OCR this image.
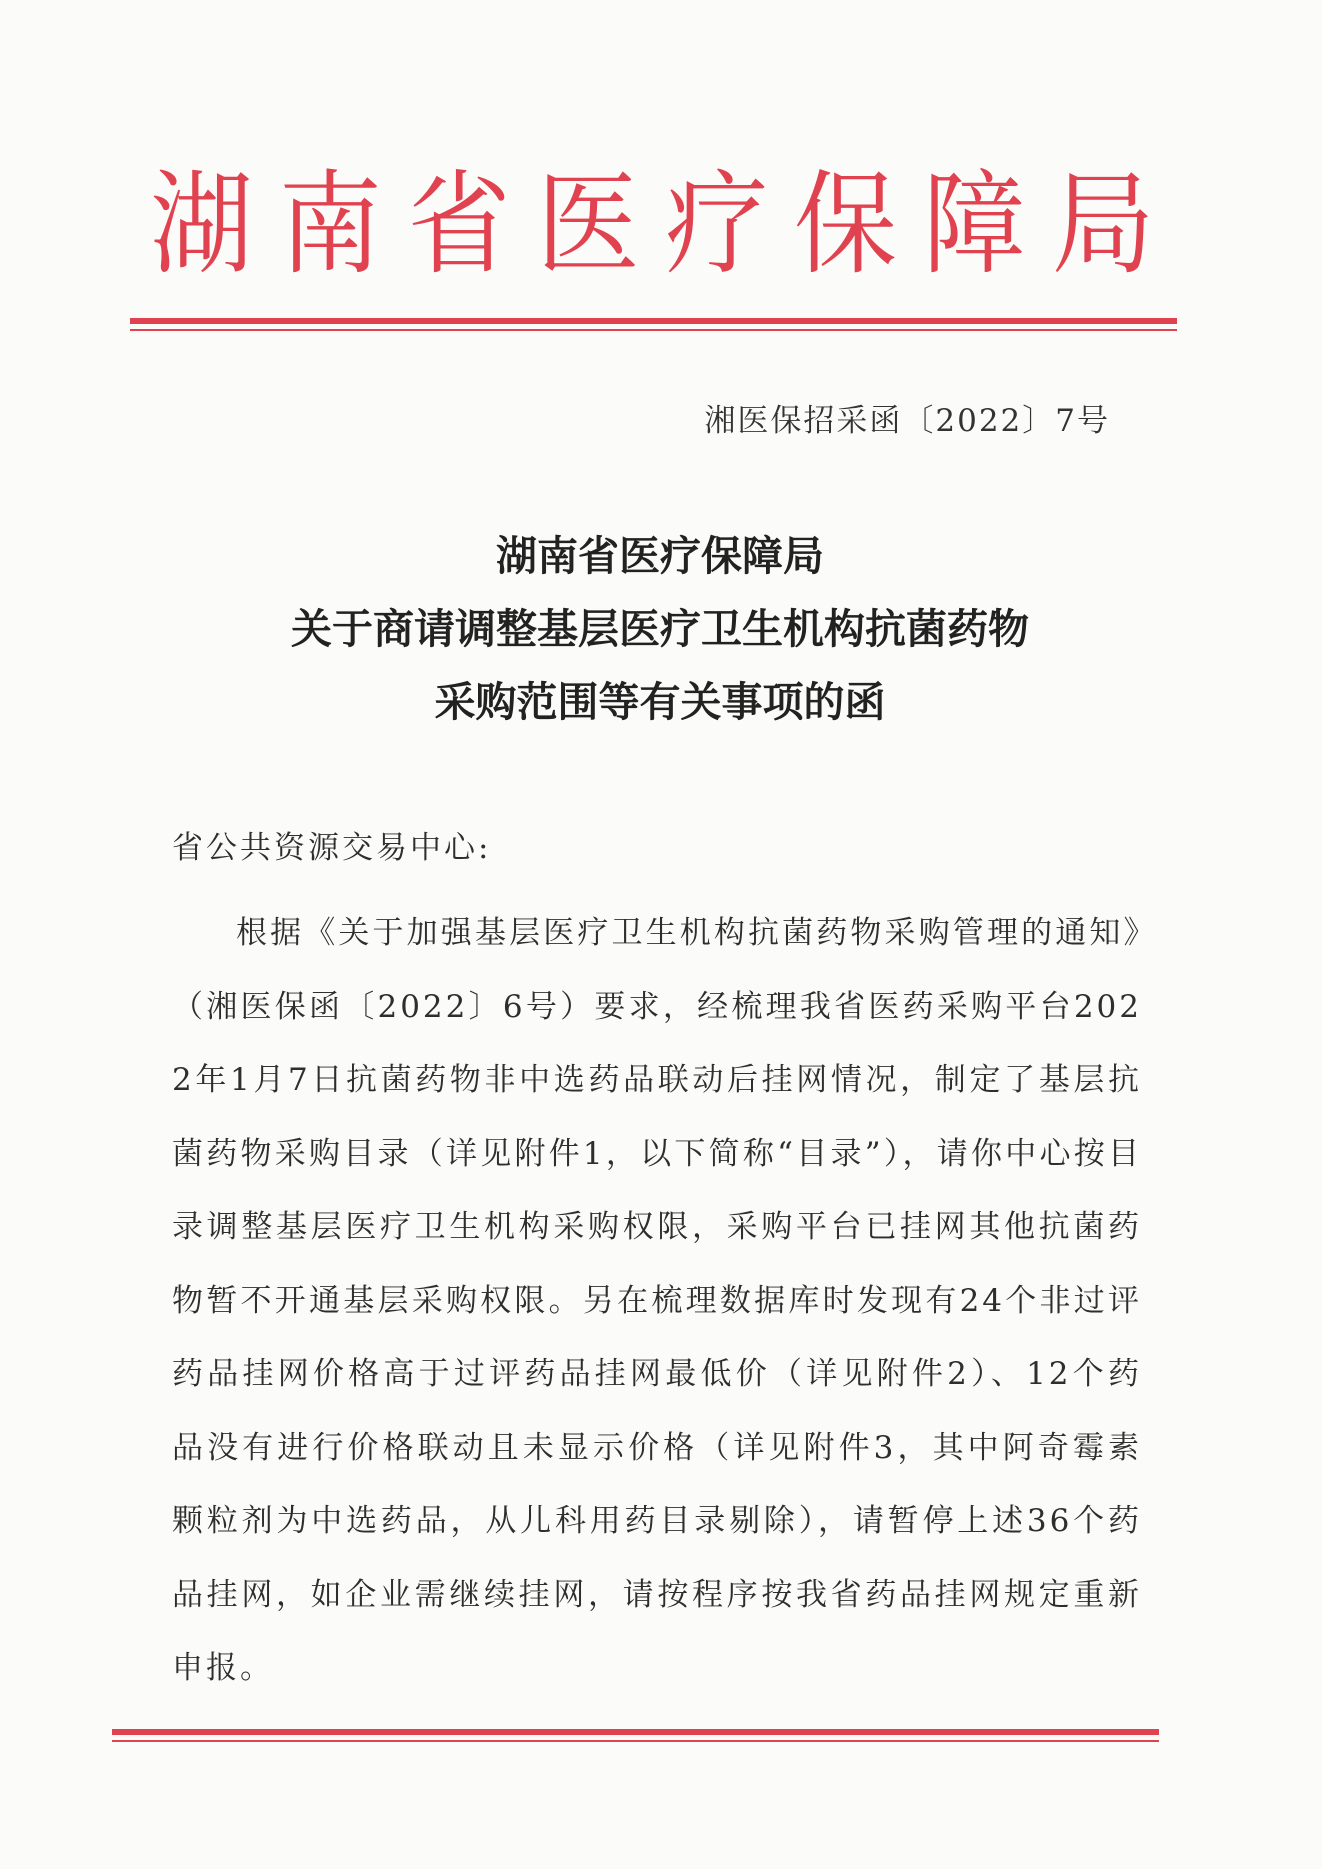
湖南省医疗保障局
湘医保招采函〔2022〕7号
湖南省医疗保障局
关于商请调整基层医疗卫生机构抗菌药物
采购范围等有关事项的函
省公共资源交易中心:
根据《关于加强基层医疗卫生机构抗菌药物采购管理的通知》（湘医保函〔2022〕6号）要求，经梳理我省医药采购平台2022年1月7日抗菌药物非中选药品联动后挂网情况，制定了基层抗菌药物采购目录（详见附件1，以下简称“目录”），请你中心按目录调整基层医疗卫生机构采购权限，采购平台已挂网其他抗菌药物暂不开通基层采购权限。另在梳理数据库时发现有24个非过评药品挂网价格高于过评药品挂网最低价（详见附件2）、12个药品没有进行价格联动且未显示价格（详见附件3，其中阿奇霉素颗粒剂为中选药品，从儿科用药目录剔除），请暂停上述36个药品挂网，如企业需继续挂网，请按程序按我省药品挂网规定重新申报。
